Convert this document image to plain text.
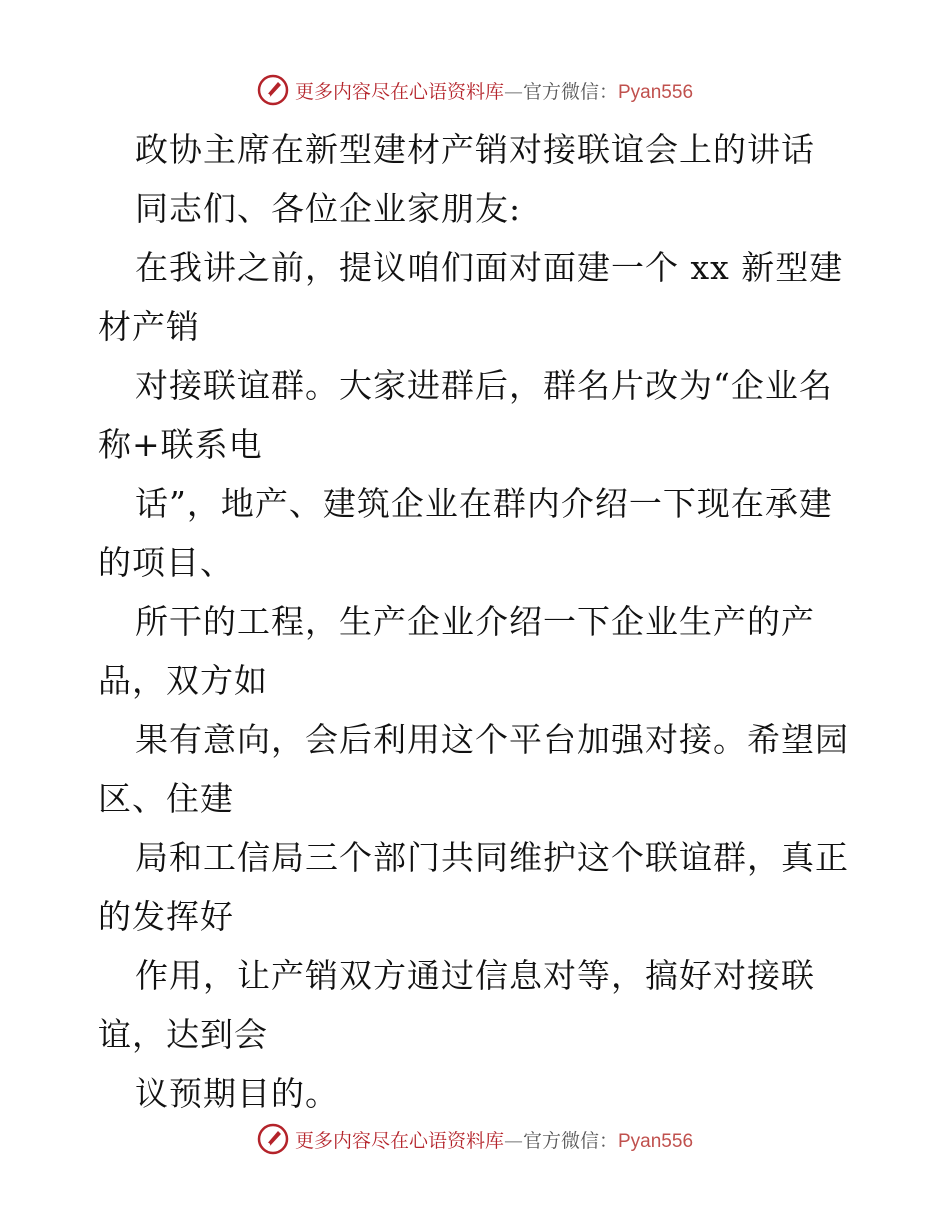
更多内容尽在心语资料库—官方微信：Pyan556
政协主席在新型建材产销对接联谊会上的讲话
同志们、各位企业家朋友:
在我讲之前，提议咱们面对面建一个 xx 新型建
材产销
对接联谊群。大家进群后，群名片改为“企业名
称+联系电
话”，地产、建筑企业在群内介绍一下现在承建
的项目、
所干的工程，生产企业介绍一下企业生产的产
品，双方如
果有意向，会后利用这个平台加强对接。希望园
区、住建
局和工信局三个部门共同维护这个联谊群，真正
的发挥好
作用，让产销双方通过信息对等，搞好对接联
谊，达到会
议预期目的。
更多内容尽在心语资料库—官方微信：Pyan556
